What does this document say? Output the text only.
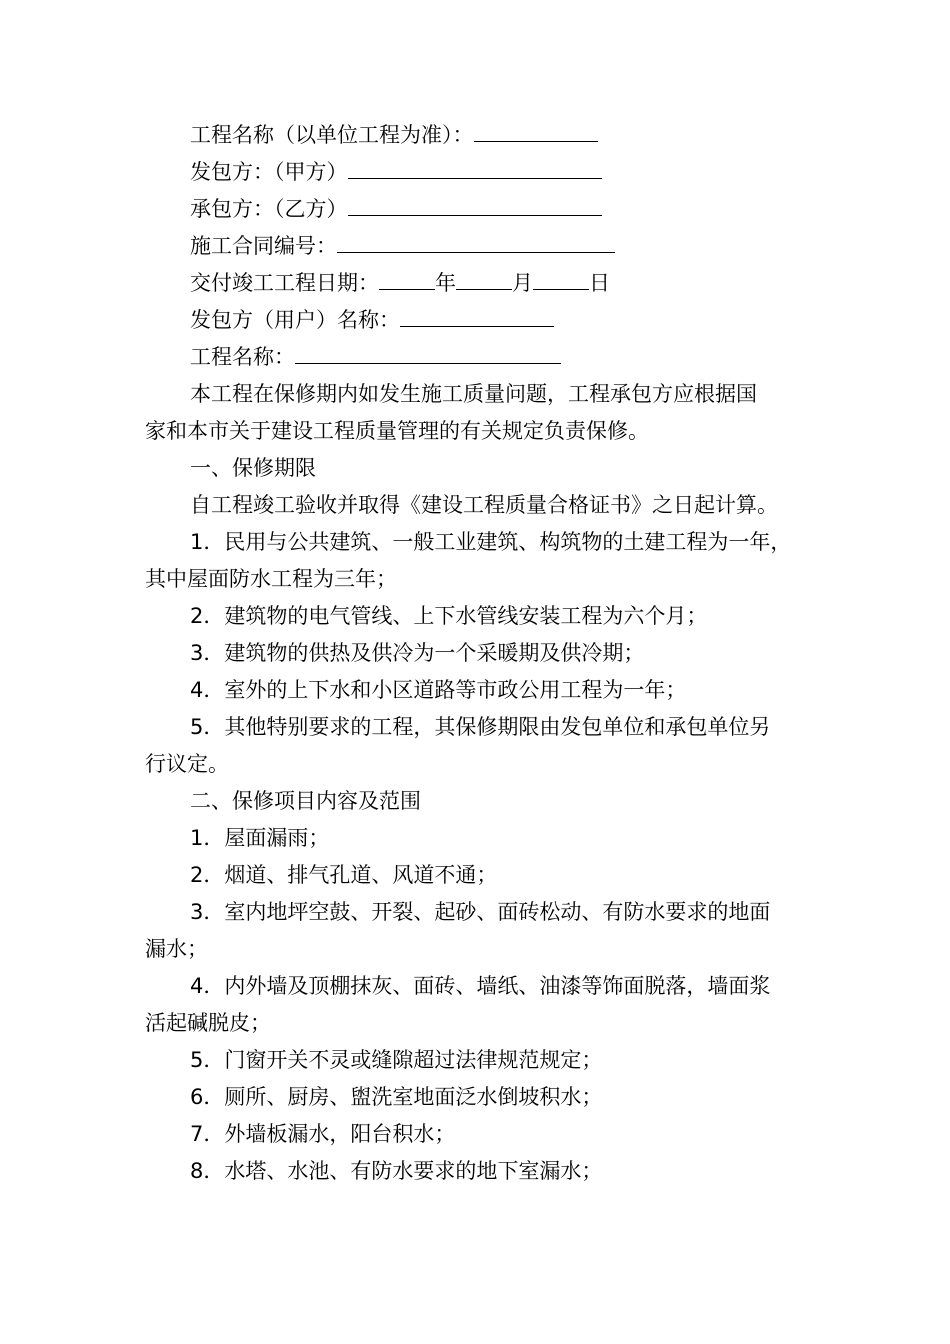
工程名称（以单位工程为准）：
发包方：（甲方）
承包方：（乙方）
施工合同编号：
交付竣工工程日期：	年	月	日
发包方（用户）名称：
工程名称：
本工程在保修期内如发生施工质量问题，工程承包方应根据国
家和本市关于建设工程质量管理的有关规定负责保修。
一、保修期限
自工程竣工验收并取得《建设工程质量合格证书》之日起计算。
1．民用与公共建筑、一般工业建筑、构筑物的土建工程为一年，
其中屋面防水工程为三年；
2．建筑物的电气管线、上下水管线安装工程为六个月；
3．建筑物的供热及供冷为一个采暖期及供冷期；
4．室外的上下水和小区道路等市政公用工程为一年；
5．其他特别要求的工程，其保修期限由发包单位和承包单位另
行议定。
二、保修项目内容及范围
1．屋面漏雨；
2．烟道、排气孔道、风道不通；
3．室内地坪空鼓、开裂、起砂、面砖松动、有防水要求的地面
漏水；
4．内外墙及顶棚抹灰、面砖、墙纸、油漆等饰面脱落，墙面浆
活起碱脱皮；
5．门窗开关不灵或缝隙超过法律规范规定；
6．厕所、厨房、盥洗室地面泛水倒坡积水；
7．外墙板漏水，阳台积水；
8．水塔、水池、有防水要求的地下室漏水；
